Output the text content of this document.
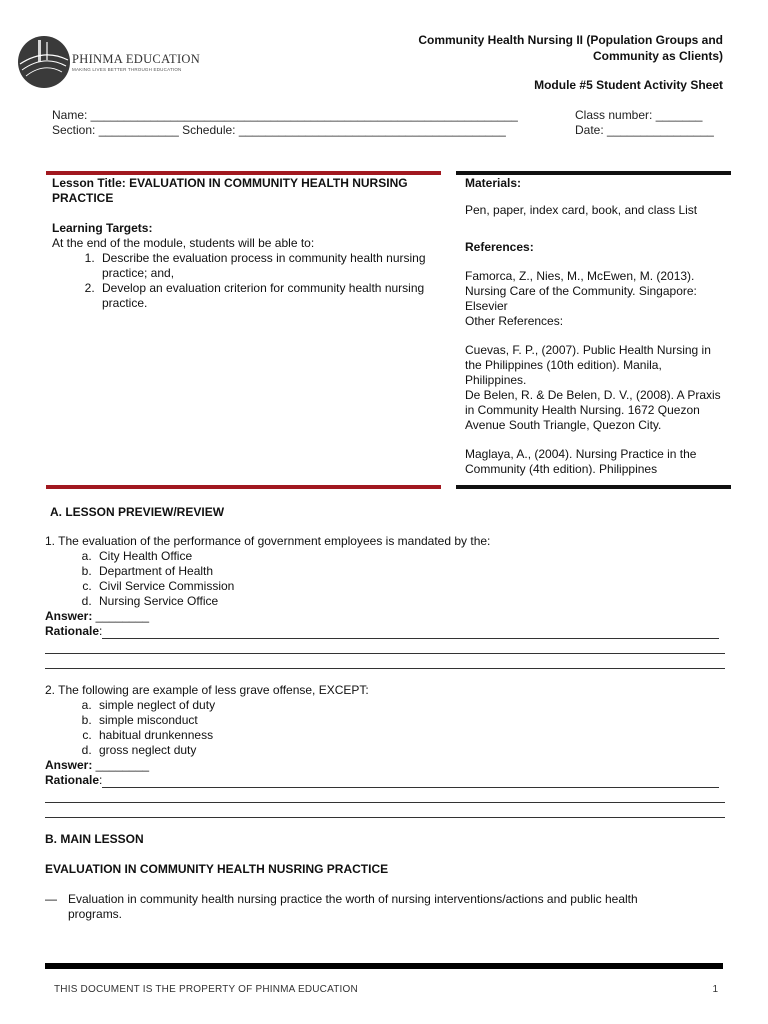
PHINMA EDUCATION
MAKING LIVES BETTER THROUGH EDUCATION
Community Health Nursing II (Population Groups and Community as Clients)
Module #5 Student Activity Sheet
Name: ________________________________________________________________	Class number: _______
Section: ____________ Schedule: ________________________________________	Date: ________________
Lesson Title: EVALUATION IN COMMUNITY HEALTH NURSING PRACTICE
Learning Targets:
At the end of the module, students will be able to:
1. Describe the evaluation process in community health nursing practice; and,
2. Develop an evaluation criterion for community health nursing practice.
Materials:
Pen, paper, index card, book, and class List
References:
Famorca, Z., Nies, M., McEwen, M. (2013). Nursing Care of the Community. Singapore: Elsevier
Other References:
Cuevas, F. P., (2007). Public Health Nursing in the Philippines (10th edition). Manila, Philippines.
De Belen, R. & De Belen, D. V., (2008). A Praxis in Community Health Nursing. 1672 Quezon Avenue South Triangle, Quezon City.
Maglaya, A., (2004). Nursing Practice in the Community (4th edition). Philippines
A. LESSON PREVIEW/REVIEW
1. The evaluation of the performance of government employees is mandated by the:
a. City Health Office
b. Department of Health
c. Civil Service Commission
d. Nursing Service Office
Answer: ________
Rationale :
2. The following are example of less grave offense, EXCEPT:
a. simple neglect of duty
b. simple misconduct
c. habitual drunkenness
d. gross neglect duty
Answer: ________
Rationale :
B. MAIN LESSON
EVALUATION IN COMMUNITY HEALTH NUSRING PRACTICE
— Evaluation in community health nursing practice the worth of nursing interventions/actions and public health programs.
THIS DOCUMENT IS THE PROPERTY OF PHINMA EDUCATION	1
